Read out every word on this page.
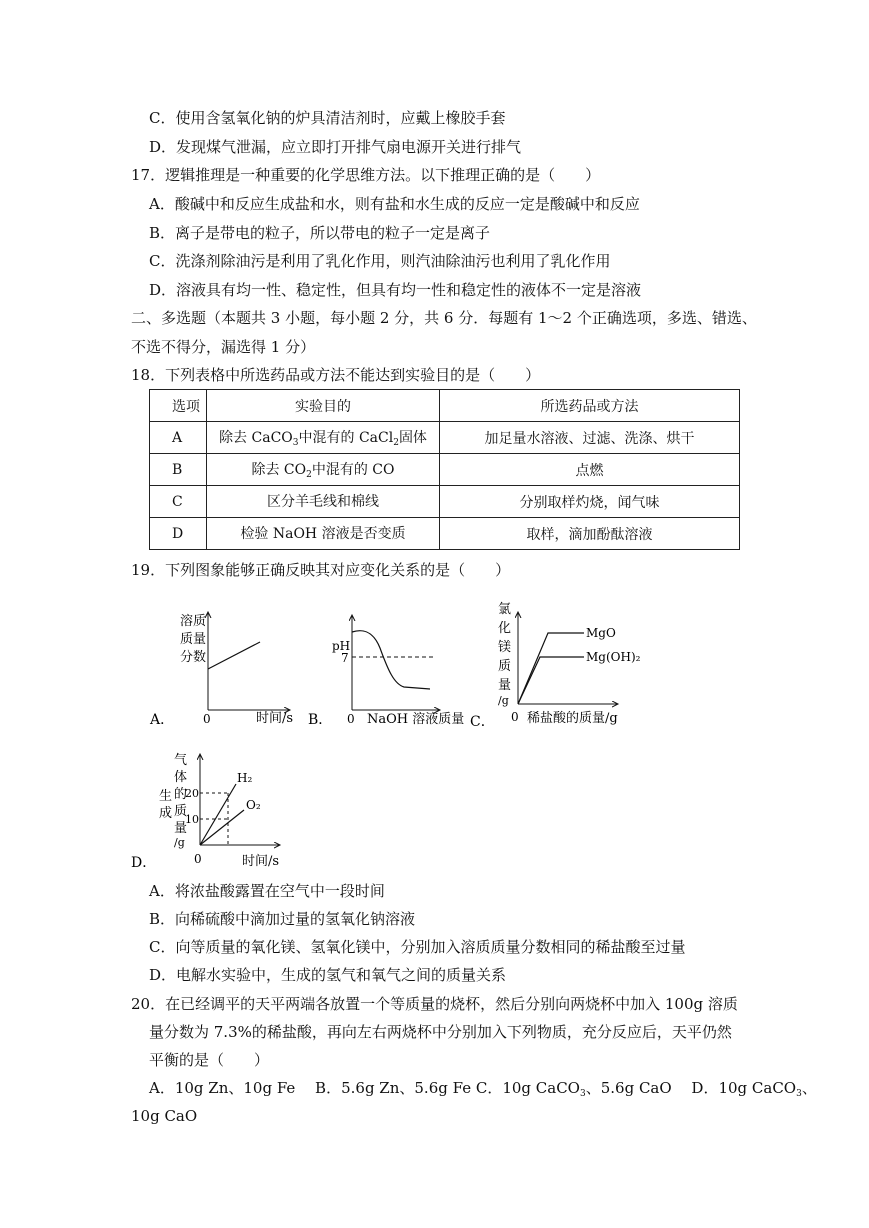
C．使用含氢氧化钠的炉具清洁剂时，应戴上橡胶手套
D．发现煤气泄漏，应立即打开排气扇电源开关进行排气
17．逻辑推理是一种重要的化学思维方法。以下推理正确的是（　　）
A．酸碱中和反应生成盐和水，则有盐和水生成的反应一定是酸碱中和反应
B．离子是带电的粒子，所以带电的粒子一定是离子
C．洗涤剂除油污是利用了乳化作用，则汽油除油污也利用了乳化作用
D．溶液具有均一性、稳定性，但具有均一性和稳定性的液体不一定是溶液
二、多选题（本题共 3 小题，每小题 2 分，共 6 分．每题有 1～2 个正确选项，多选、错选、
不选不得分，漏选得 1 分）
18．下列表格中所选药品或方法不能达到实验目的是（　　）
选项	实验目的	所选药品或方法
A	除去 CaCO$_3$中混有的 CaCl$_2$固体	加足量水溶液、过滤、洗涤、烘干
B	除去 $CO_2$中混有的 CO	点燃
C	区分羊毛线和棉线	分别取样灼烧，闻气味
D	检验 NaOH 溶液是否变质	取样，滴加酚酞溶液
19．下列图象能够正确反映其对应变化关系的是（　　）
A．
溶质
质量
分数
0	时间/s B．
pH
7
0 NaOH 溶液质量 C．
氯
化
镁
质
量
/g
0 稀盐酸的质量/g
MgO
Mg(OH)₂
D．
生
成
气
体
的
质
量
/g
20
10
H₂
O₂
0	时间/s
A．将浓盐酸露置在空气中一段时间
B．向稀硫酸中滴加过量的氢氧化钠溶液
C．向等质量的氧化镁、氢氧化镁中，分别加入溶质质量分数相同的稀盐酸至过量
D．电解水实验中，生成的氢气和氧气之间的质量关系
20．在已经调平的天平两端各放置一个等质量的烧杯，然后分别向两烧杯中加入 100g 溶质
量分数为 7.3%的稀盐酸，再向左右两烧杯中分别加入下列物质，充分反应后，天平仍然
平衡的是（　　）
A．10g Zn、10g Fe　 B．5.6g Zn、5.6g Fe C．10g CaCO$_3$、5.6g CaO　 D．10g CaCO$_3$、
10g CaO
